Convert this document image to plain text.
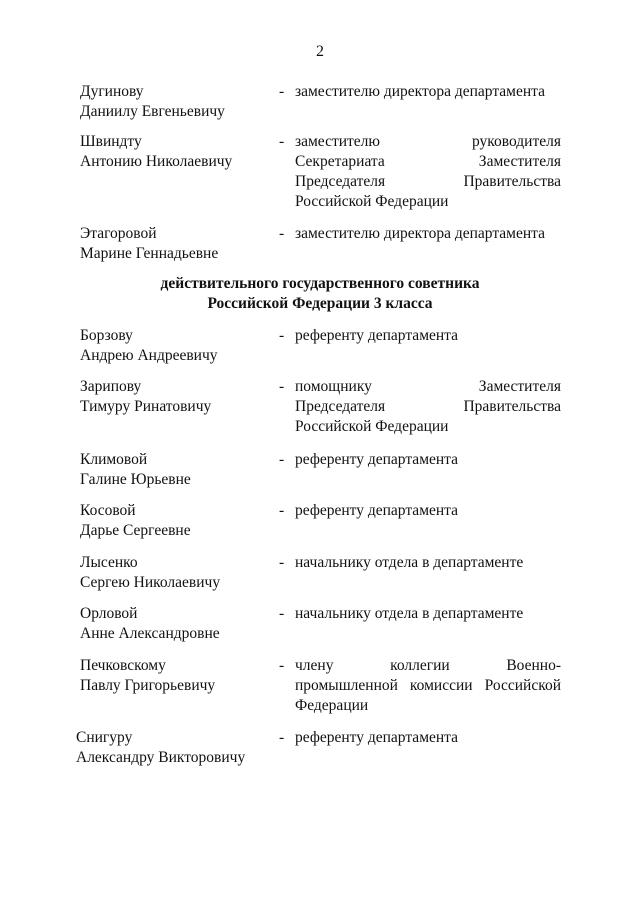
2
Дугинову
Даниилу Евгеньевичу
- заместителю директора департамента
Швиндту
Антонию Николаевичу
- заместителю руководителя
Секретариата Заместителя
Председателя Правительства
Российской Федерации
Этагоровой
Марине Геннадьевне
- заместителю директора департамента
действительного государственного советника
Российской Федерации 3 класса
Борзову
Андрею Андреевичу
- референту департамента
Зарипову
Тимуру Ринатовичу
- помощнику Заместителя
Председателя Правительства
Российской Федерации
Климовой
Галине Юрьевне
- референту департамента
Косовой
Дарье Сергеевне
- референту департамента
Лысенко
Сергею Николаевичу
- начальнику отдела в департаменте
Орловой
Анне Александровне
- начальнику отдела в департаменте
Печковскому
Павлу Григорьевичу
- члену коллегии Военно-
промышленной комиссии Российской
Федерации
Снигуру
Александру Викторовичу
- референту департамента
